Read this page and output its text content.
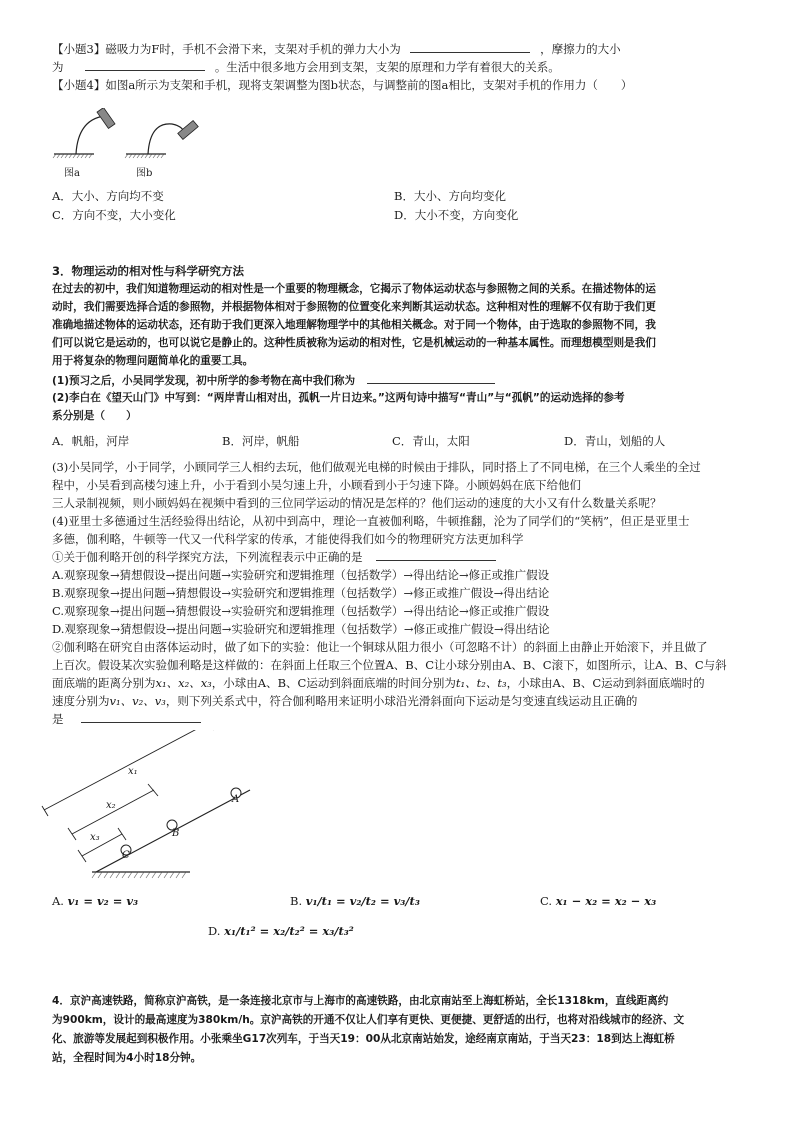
【小题3】磁吸力为F时，手机不会滑下来，支架对手机的弹力大小为	，摩擦力的大小
为	。生活中很多地方会用到支架，支架的原理和力学有着很大的关系。
【小题4】如图a所示为支架和手机，现将支架调整为图b状态，与调整前的图a相比，支架对手机的作用力（　　）
图a	图b
A．大小、方向均不变	B．大小、方向均变化
C．方向不变，大小变化	D．大小不变，方向变化
3．物理运动的相对性与科学研究方法
在过去的初中，我们知道物理运动的相对性是一个重要的物理概念，它揭示了物体运动状态与参照物之间的关系。在描述物体的运
动时，我们需要选择合适的参照物，并根据物体相对于参照物的位置变化来判断其运动状态。这种相对性的理解不仅有助于我们更
准确地描述物体的运动状态，还有助于我们更深入地理解物理学中的其他相关概念。对于同一个物体，由于选取的参照物不同，我
们可以说它是运动的，也可以说它是静止的。这种性质被称为运动的相对性，它是机械运动的一种基本属性。而理想模型则是我们
用于将复杂的物理问题简单化的重要工具。
(1)预习之后，小吴同学发现，初中所学的参考物在高中我们称为
(2)李白在《望天山门》中写到：“两岸青山相对出，孤帆一片日边来。”这两句诗中描写“青山”与“孤帆”的运动选择的参考
系分别是（　　）
A．帆船，河岸	B．河岸，帆船	C．青山，太阳	D．青山，划船的人
(3)小吴同学，小于同学，小顾同学三人相约去玩，他们做观光电梯的时候由于排队，同时搭上了不同电梯，在三个人乘坐的全过
程中，小吴看到高楼匀速上升，小于看到小吴匀速上升，小顾看到小于匀速下降。小顾妈妈在底下给他们
三人录制视频，则小顾妈妈在视频中看到的三位同学运动的情况是怎样的？他们运动的速度的大小又有什么数量关系呢？
(4)亚里士多德通过生活经验得出结论，从初中到高中，理论一直被伽利略，牛顿推翻，沦为了同学们的“笑柄”，但正是亚里士
多德，伽利略，牛顿等一代又一代科学家的传承，才能使得我们如今的物理研究方法更加科学
①关于伽利略开创的科学探究方法，下列流程表示中正确的是
A.观察现象→猜想假设→提出问题→实验研究和逻辑推理（包括数学）→得出结论→修正或推广假设
B.观察现象→提出问题→猜想假设→实验研究和逻辑推理（包括数学）→修正或推广假设→得出结论
C.观察现象→提出问题→猜想假设→实验研究和逻辑推理（包括数学）→得出结论→修正或推广假设
D.观察现象→猜想假设→提出问题→实验研究和逻辑推理（包括数学）→修正或推广假设→得出结论
②伽利略在研究自由落体运动时，做了如下的实验：他让一个铜球从阻力很小（可忽略不计）的斜面上由静止开始滚下，并且做了
上百次。假设某次实验伽利略是这样做的：在斜面上任取三个位置A、B、C让小球分别由A、B、C滚下，如图所示，让A、B、C与斜
面底端的距离分别为x₁、x₂、x₃，小球由A、B、C运动到斜面底端的时间分别为t₁、t₂、t₃，小球由A、B、C运动到斜面底端时的
速度分别为v₁、v₂、v₃，则下列关系式中，符合伽利略用来证明小球沿光滑斜面向下运动是匀变速直线运动且正确的
是
x₁
x₂
x₃
A
B
C
A. v₁ = v₂ = v₃	B. v₁/t₁ = v₂/t₂ = v₃/t₃	C. x₁ − x₂ = x₂ − x₃
D. x₁/t₁² = x₂/t₂² = x₃/t₃²
4．京沪高速铁路，简称京沪高铁，是一条连接北京市与上海市的高速铁路，由北京南站至上海虹桥站，全长1318km，直线距离约
为900km，设计的最高速度为380km/h。京沪高铁的开通不仅让人们享有更快、更便捷、更舒适的出行，也将对沿线城市的经济、文
化、旅游等发展起到积极作用。小张乘坐G17次列车，于当天19：00从北京南站始发，途经南京南站，于当天23：18到达上海虹桥
站，全程时间为4小时18分钟。
